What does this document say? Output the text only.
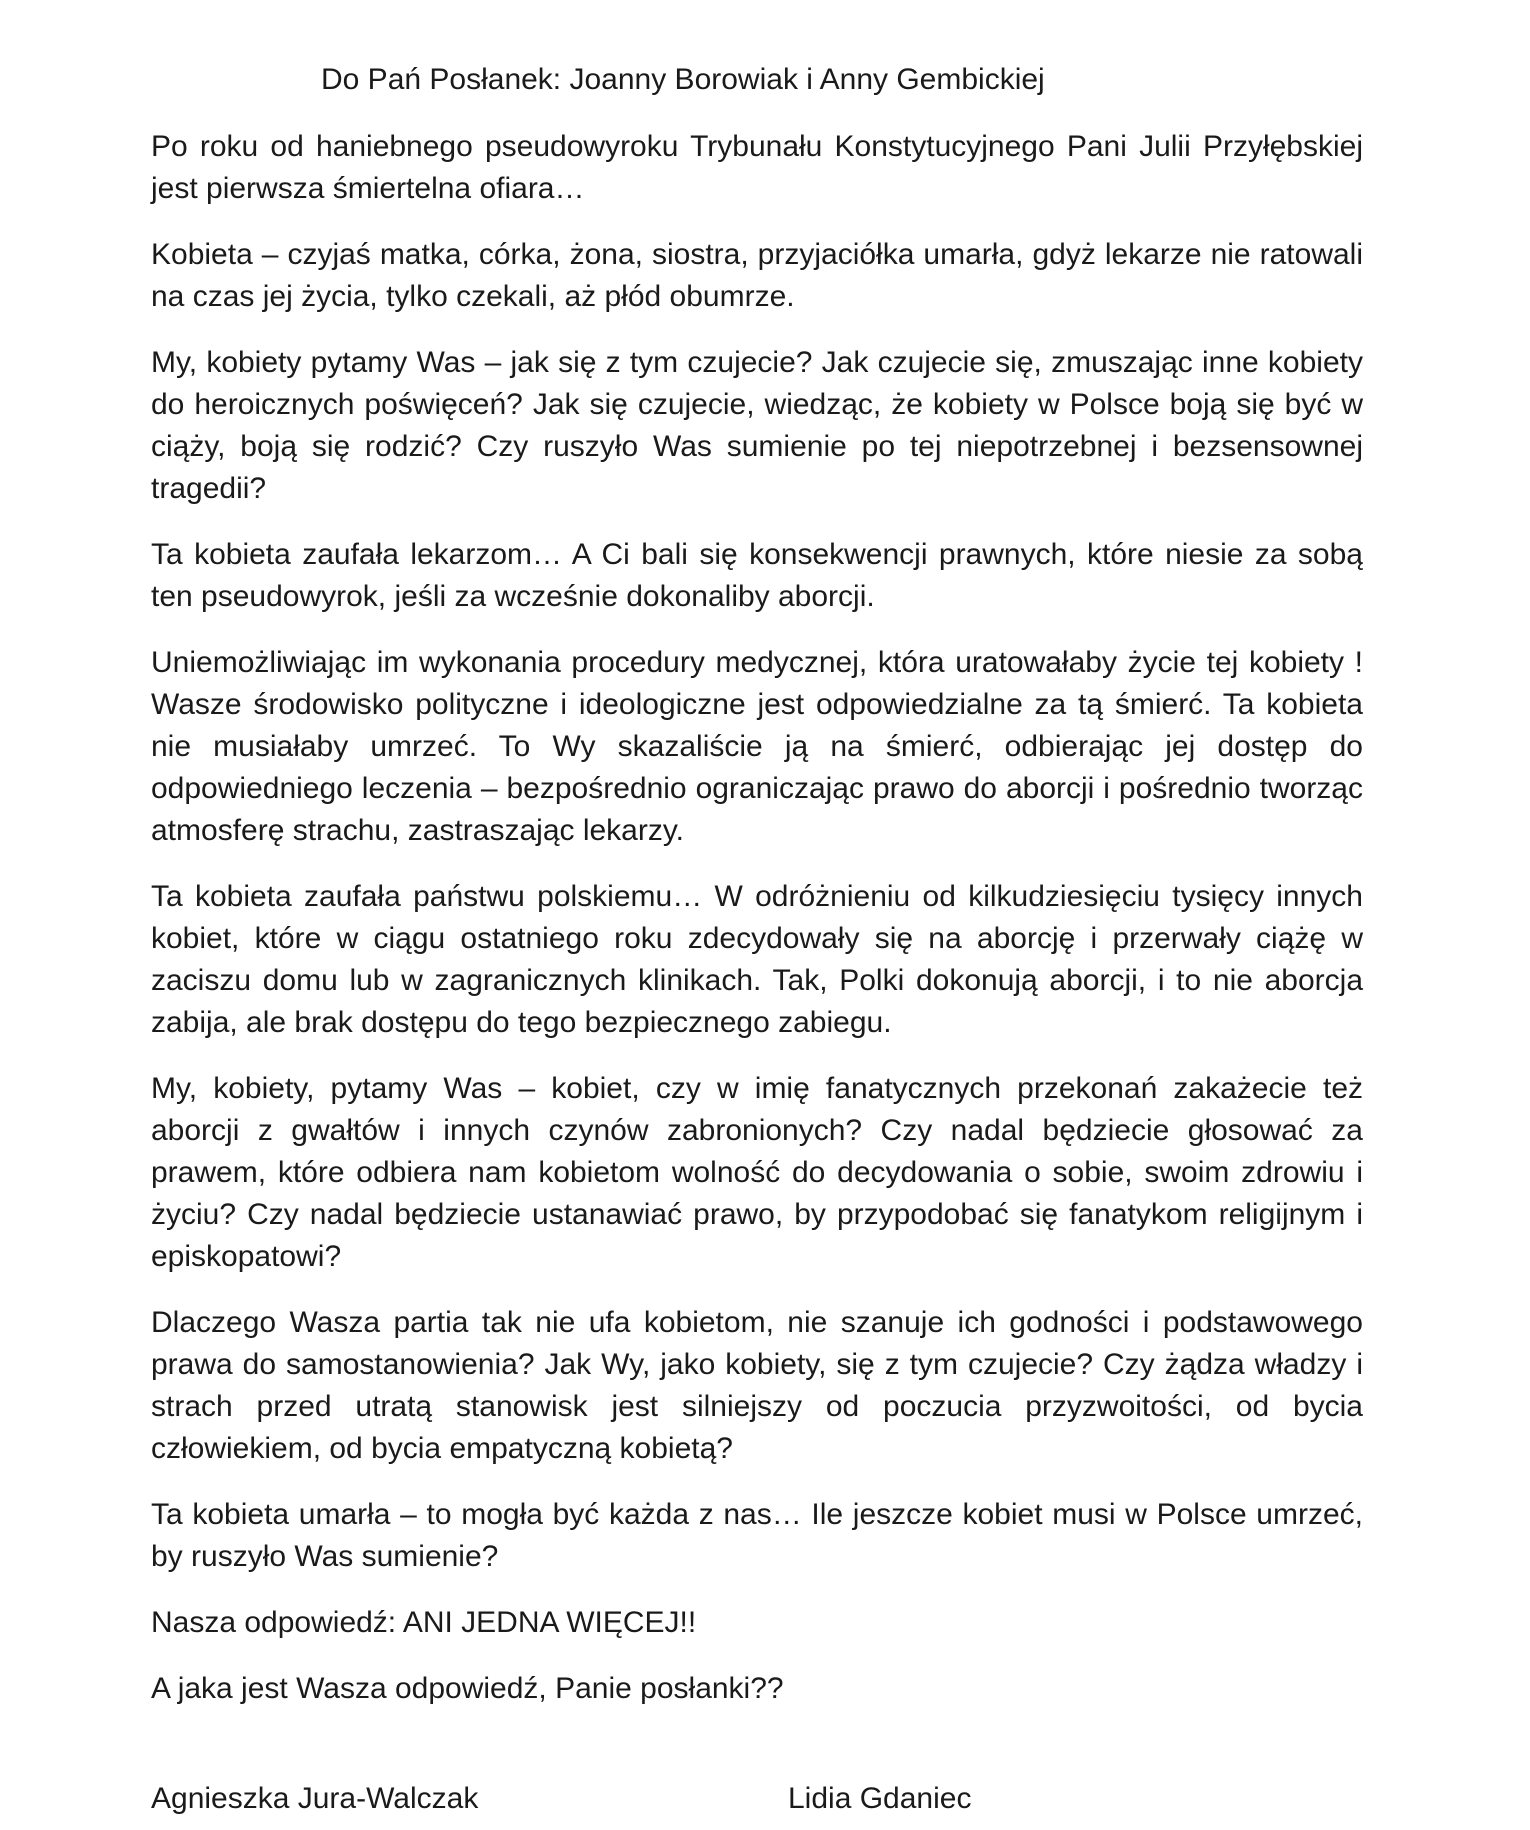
Do Pań Posłanek: Joanny Borowiak i Anny Gembickiej

Po roku od haniebnego pseudowyroku Trybunału Konstytucyjnego Pani Julii Przyłębskiej jest pierwsza śmiertelna ofiara…

Kobieta – czyjaś matka, córka, żona, siostra, przyjaciółka umarła, gdyż lekarze nie ratowali na czas jej życia, tylko czekali, aż płód obumrze.

My, kobiety pytamy Was – jak się z tym czujecie? Jak czujecie się, zmuszając inne kobiety do heroicznych poświęceń? Jak się czujecie, wiedząc, że kobiety w Polsce boją się być w ciąży, boją się rodzić? Czy ruszyło Was sumienie po tej niepotrzebnej i bezsensownej tragedii?

Ta kobieta zaufała lekarzom… A Ci bali się konsekwencji prawnych, które niesie za sobą ten pseudowyrok, jeśli za wcześnie dokonaliby aborcji.

Uniemożliwiając im wykonania procedury medycznej, która uratowałaby życie tej kobiety ! Wasze środowisko polityczne i ideologiczne jest odpowiedzialne za tą śmierć. Ta kobieta nie musiałaby umrzeć. To Wy skazaliście ją na śmierć, odbierając jej dostęp do odpowiedniego leczenia – bezpośrednio ograniczając prawo do aborcji i pośrednio tworząc atmosferę strachu, zastraszając lekarzy.

Ta kobieta zaufała państwu polskiemu… W odróżnieniu od kilkudziesięciu tysięcy innych kobiet, które w ciągu ostatniego roku zdecydowały się na aborcję i przerwały ciążę w zaciszu domu lub w zagranicznych klinikach. Tak, Polki dokonują aborcji, i to nie aborcja zabija, ale brak dostępu do tego bezpiecznego zabiegu.

My, kobiety, pytamy Was – kobiet, czy w imię fanatycznych przekonań zakażecie też aborcji z gwałtów i innych czynów zabronionych? Czy nadal będziecie głosować za prawem, które odbiera nam kobietom wolność do decydowania o sobie, swoim zdrowiu i życiu? Czy nadal będziecie ustanawiać prawo, by przypodobać się fanatykom religijnym i episkopatowi?

Dlaczego Wasza partia tak nie ufa kobietom, nie szanuje ich godności i podstawowego prawa do samostanowienia? Jak Wy, jako kobiety, się z tym czujecie? Czy żądza władzy i strach przed utratą stanowisk jest silniejszy od poczucia przyzwoitości, od bycia człowiekiem, od bycia empatyczną kobietą?

Ta kobieta umarła – to mogła być każda z nas… Ile jeszcze kobiet musi w Polsce umrzeć, by ruszyło Was sumienie?

Nasza odpowiedź: ANI JEDNA WIĘCEJ!!

A jaka jest Wasza odpowiedź, Panie posłanki??

Agnieszka Jura-Walczak	Lidia Gdaniec
